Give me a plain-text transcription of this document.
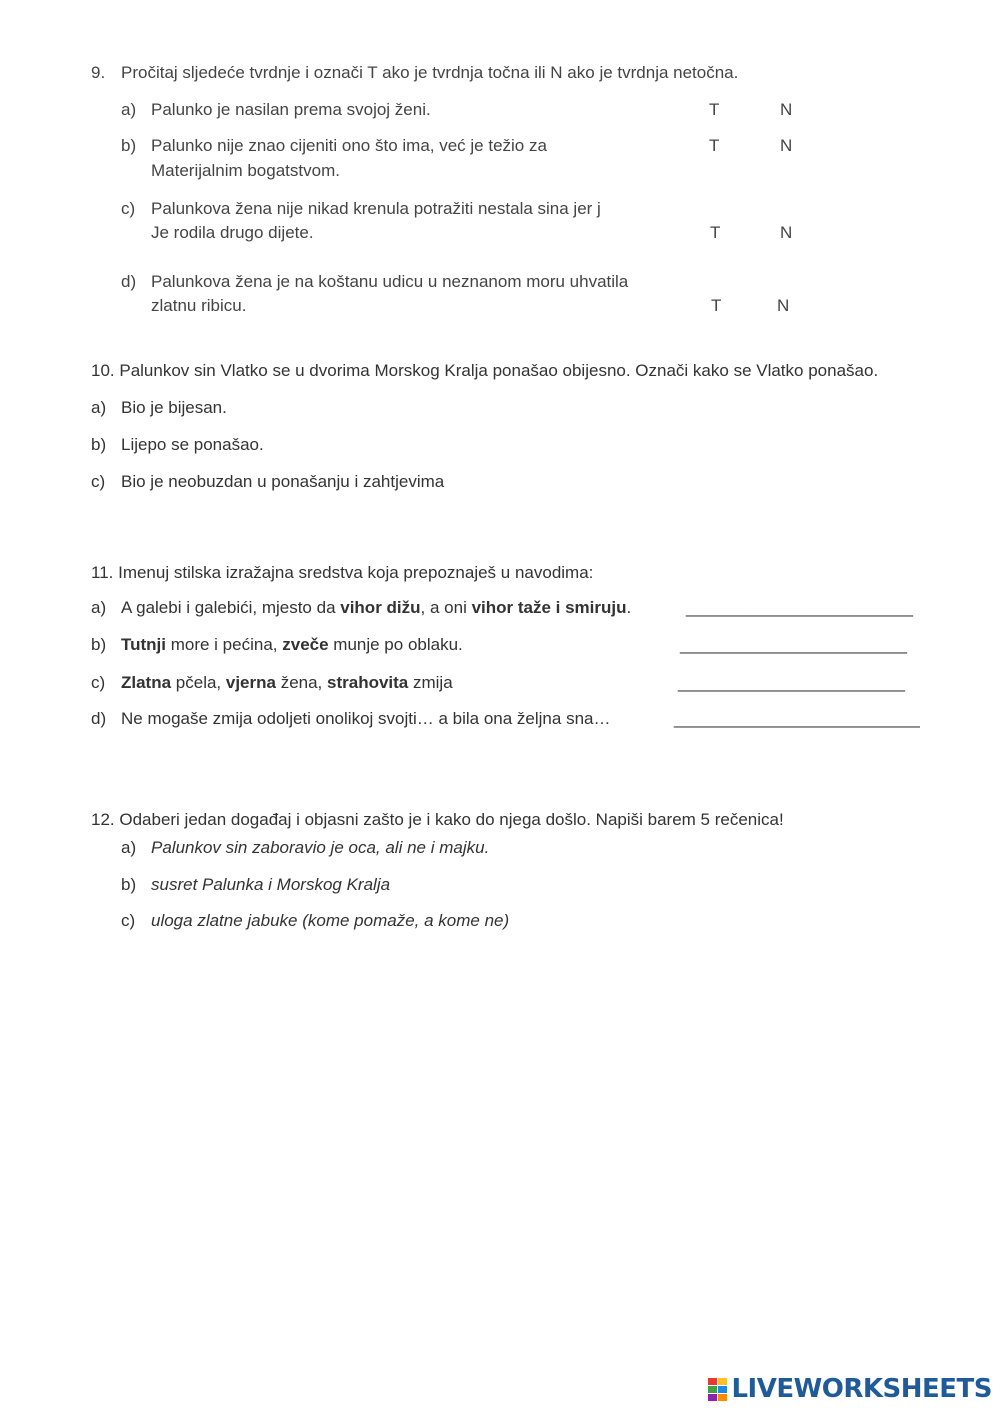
9. Pročitaj sljedeće tvrdnje i označi T ako je tvrdnja točna ili N ako je tvrdnja netočna.
a) Palunko je nasilan prema svojoj ženi.	T	N
b) Palunko nije znao cijeniti ono što ima, već je težio za
Materijalnim bogatstvom.
T	N
c) Palunkova žena nije nikad krenula potražiti nestala sina jer j
Je rodila drugo dijete.	T	N
d) Palunkova žena je na koštanu udicu u neznanom moru uhvatila
zlatnu ribicu.	T	N
10. Palunkov sin Vlatko se u dvorima Morskog Kralja ponašao obijesno. Označi kako se Vlatko ponašao.
a) Bio je bijesan.
b) Lijepo se ponašao.
c) Bio je neobuzdan u ponašanju i zahtjevima
11. Imenuj stilska izražajna sredstva koja prepoznaješ u navodima:
a) A galebi i galebići, mjesto da vihor dižu, a oni vihor taže i smiruju.	________________________
b) Tutnji more i pećina, zveče munje po oblaku.	________________________
c) Zlatna pčela, vjerna žena, strahovita zmija	________________________
d) Ne mogaše zmija odoljeti onolikoj svojti… a bila ona željna sna…	__________________________
12. Odaberi jedan događaj i objasni zašto je i kako do njega došlo. Napiši barem 5 rečenica!
a) Palunkov sin zaboravio je oca, ali ne i majku.
b) susret Palunka i Morskog Kralja
c) uloga zlatne jabuke (kome pomaže, a kome ne)
LIVEWORKSHEETS
